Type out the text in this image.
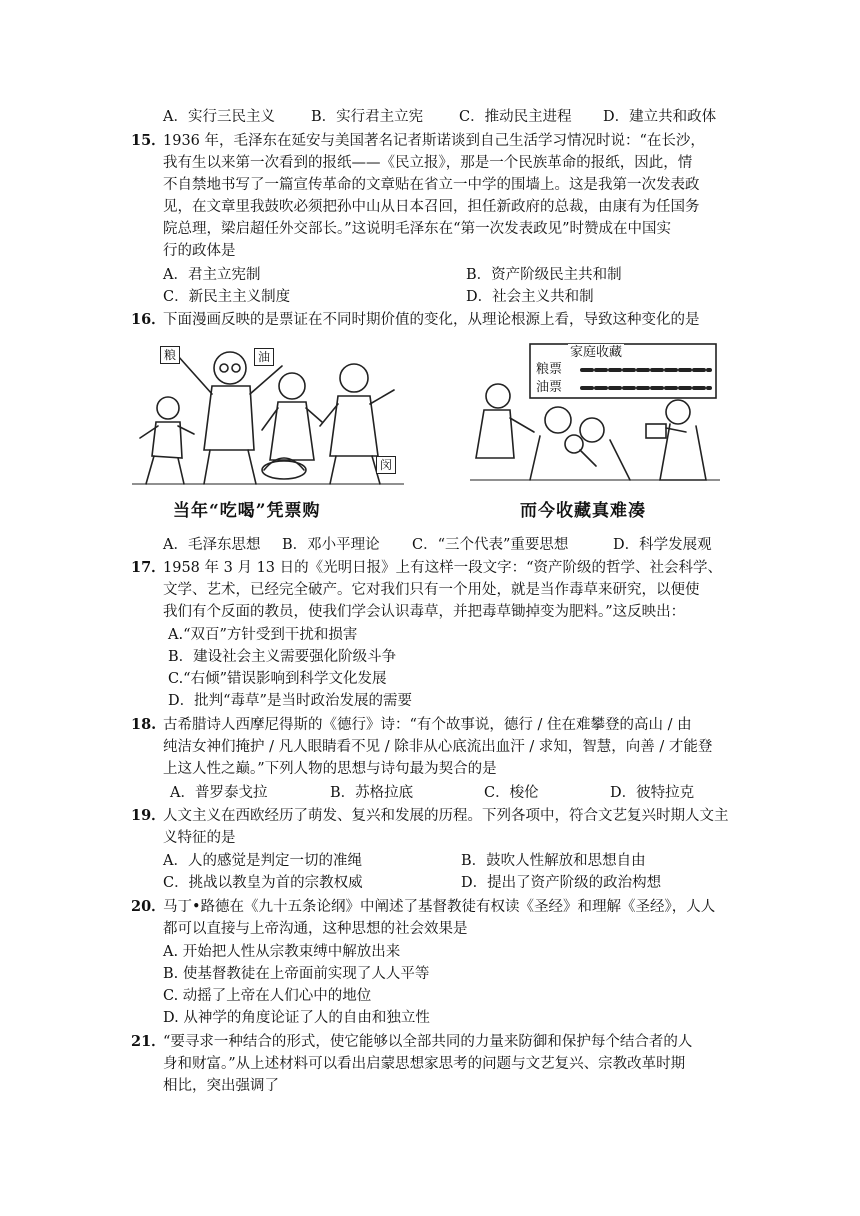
A．实行三民主义 B．实行君主立宪 C．推动民主进程 D．建立共和政体
15．
1936 年，毛泽东在延安与美国著名记者斯诺谈到自己生活学习情况时说：“在长沙，
我有生以来第一次看到的报纸——《民立报》，那是一个民族革命的报纸，因此，情
不自禁地书写了一篇宣传革命的文章贴在省立一中学的围墙上。这是我第一次发表政
见，在文章里我鼓吹必须把孙中山从日本召回，担任新政府的总裁，由康有为任国务
院总理，梁启超任外交部长。”这说明毛泽东在“第一次发表政见”时赞成在中国实
行的政体是
A．君主立宪制	B．资产阶级民主共和制
C．新民主主义制度	D．社会主义共和制
16．
下面漫画反映的是票证在不同时期价值的变化，从理论根源上看，导致这种变化的是
粮	油
闵
当年“吃喝”凭票购
家庭收藏
粮票
油票
而今收藏真难凑
A．毛泽东思想 B．邓小平理论 C．“三个代表”重要思想	D．科学发展观
17．
1958 年 3 月 13 日的《光明日报》上有这样一段文字：“资产阶级的哲学、社会科学、
文学、艺术，已经完全破产。它对我们只有一个用处，就是当作毒草来研究，以便使
我们有个反面的教员，使我们学会认识毒草，并把毒草锄掉变为肥料。”这反映出：
A.“双百”方针受到干扰和损害
B．建设社会主义需要强化阶级斗争
C.“右倾”错误影响到科学文化发展
D．批判“毒草”是当时政治发展的需要
18. 古希腊诗人西摩尼得斯的《德行》诗：“有个故事说，德行 / 住在难攀登的高山 / 由
纯洁女神们掩护 / 凡人眼睛看不见 / 除非从心底流出血汗 / 求知，智慧，向善 / 才能登
上这人性之巅。”下列人物的思想与诗句最为契合的是
A．普罗泰戈拉	B．苏格拉底	C．梭伦	D．彼特拉克
19．
人文主义在西欧经历了萌发、复兴和发展的历程。下列各项中，符合文艺复兴时期人文主
义特征的是
A．人的感觉是判定一切的准绳	B．鼓吹人性解放和思想自由
C．挑战以教皇为首的宗教权威	D．提出了资产阶级的政治构想
20．
马丁•路德在《九十五条论纲》中阐述了基督教徒有权读《圣经》和理解《圣经》，人人
都可以直接与上帝沟通，这种思想的社会效果是
A. 开始把人性从宗教束缚中解放出来
B. 使基督教徒在上帝面前实现了人人平等
C. 动摇了上帝在人们心中的地位
D. 从神学的角度论证了人的自由和独立性
21．
“要寻求一种结合的形式，使它能够以全部共同的力量来防御和保护每个结合者的人
身和财富。”从上述材料可以看出启蒙思想家思考的问题与文艺复兴、宗教改革时期
相比，突出强调了
